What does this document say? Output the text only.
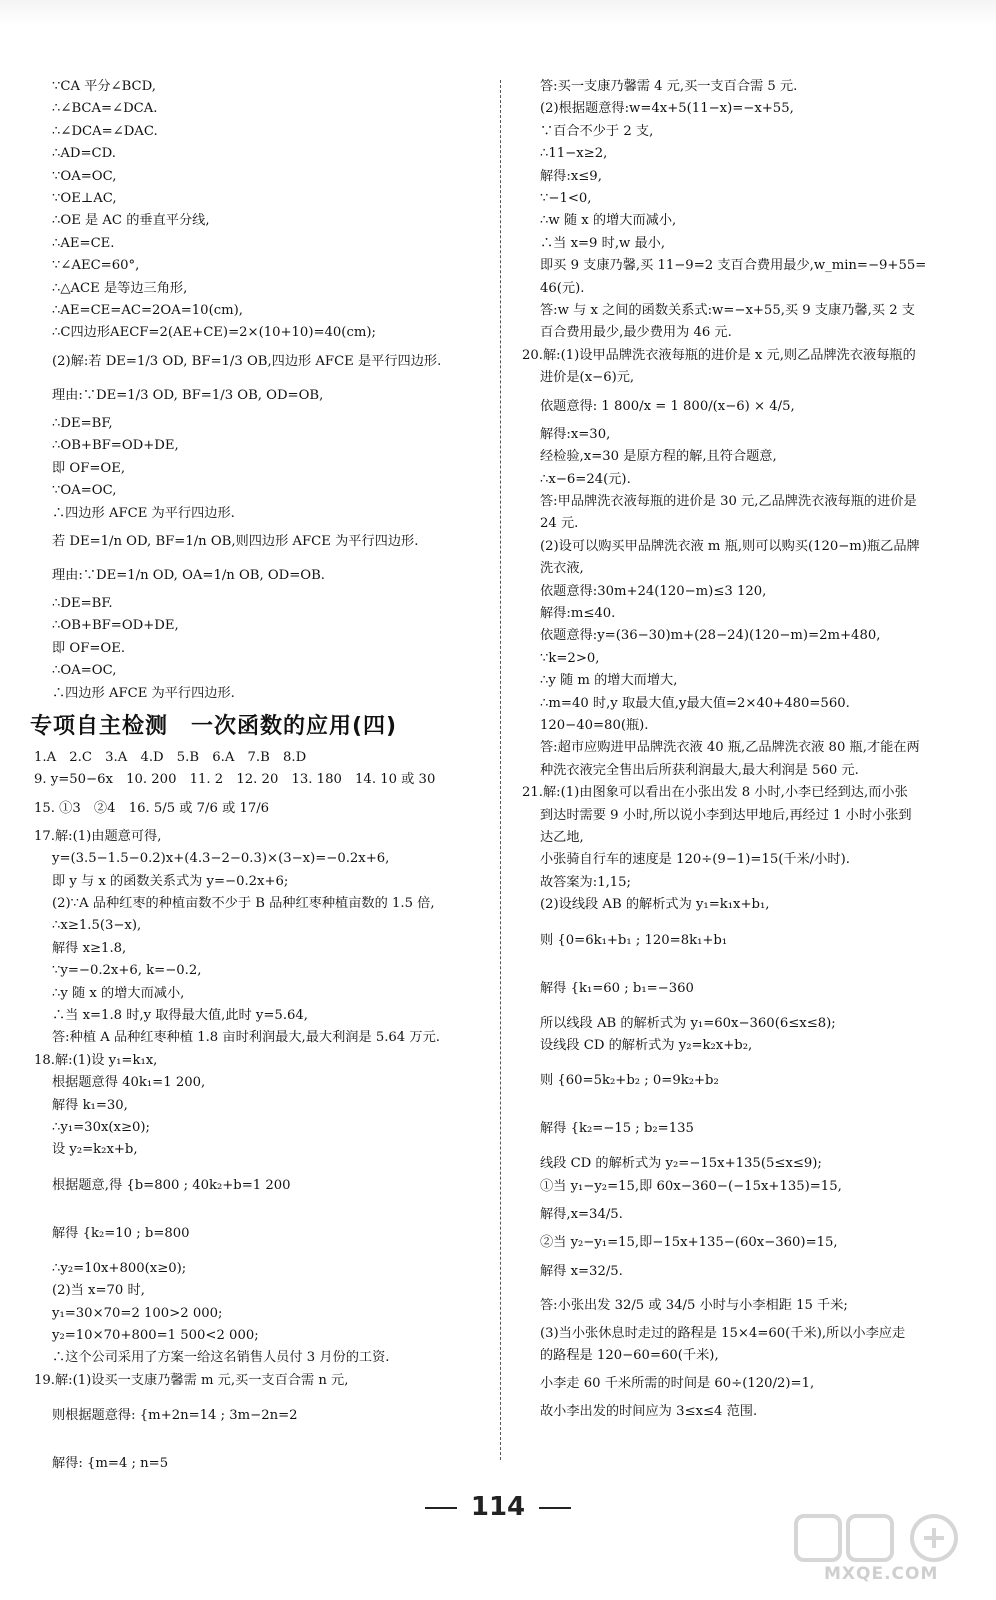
∵CA 平分∠BCD,
∴∠BCA=∠DCA.
∴∠DCA=∠DAC.
∴AD=CD.
∵OA=OC,
∵OE⊥AC,
∴OE 是 AC 的垂直平分线,
∴AE=CE.
∵∠AEC=60°,
∴△ACE 是等边三角形,
∴AE=CE=AC=2OA=10(cm),
∴C四边形AECF=2(AE+CE)=2×(10+10)=40(cm);
(2)解:若 DE=1/3 OD, BF=1/3 OB,四边形 AFCE 是平行四边形.
理由:∵DE=1/3 OD, BF=1/3 OB, OD=OB,
∴DE=BF,
∴OB+BF=OD+DE,
即 OF=OE,
∵OA=OC,
∴四边形 AFCE 为平行四边形.
若 DE=1/n OD, BF=1/n OB,则四边形 AFCE 为平行四边形.
理由:∵DE=1/n OD, OA=1/n OB, OD=OB.
∴DE=BF.
∴OB+BF=OD+DE,
即 OF=OE.
∴OA=OC,
∴四边形 AFCE 为平行四边形.
专项自主检测　一次函数的应用(四)
1.A　2.C　3.A　4.D　5.B　6.A　7.B　8.D
9. y=50−6x　10. 200　11. 2　12. 20　13. 180　14. 10 或 30
15. ①3　②4　16. 5/5 或 7/6 或 17/6
17.解:(1)由题意可得,
y=(3.5−1.5−0.2)x+(4.3−2−0.3)×(3−x)=−0.2x+6,
即 y 与 x 的函数关系式为 y=−0.2x+6;
(2)∵A 品种红枣的种植亩数不少于 B 品种红枣种植亩数的 1.5 倍,
∴x≥1.5(3−x),
解得 x≥1.8,
∵y=−0.2x+6, k=−0.2,
∴y 随 x 的增大而减小,
∴当 x=1.8 时,y 取得最大值,此时 y=5.64,
答:种植 A 品种红枣种植 1.8 亩时利润最大,最大利润是 5.64 万元.
18.解:(1)设 y₁=k₁x,
根据题意得 40k₁=1 200,
解得 k₁=30,
∴y₁=30x(x≥0);
设 y₂=k₂x+b,
根据题意,得 {b=800 ; 40k₂+b=1 200
解得 {k₂=10 ; b=800
∴y₂=10x+800(x≥0);
(2)当 x=70 时,
y₁=30×70=2 100>2 000;
y₂=10×70+800=1 500<2 000;
∴这个公司采用了方案一给这名销售人员付 3 月份的工资.
19.解:(1)设买一支康乃馨需 m 元,买一支百合需 n 元,
则根据题意得: {m+2n=14 ; 3m−2n=2
解得: {m=4 ; n=5
答:买一支康乃馨需 4 元,买一支百合需 5 元.
(2)根据题意得:w=4x+5(11−x)=−x+55,
∵百合不少于 2 支,
∴11−x≥2,
解得:x≤9,
∵−1<0,
∴w 随 x 的增大而减小,
∴当 x=9 时,w 最小,
即买 9 支康乃馨,买 11−9=2 支百合费用最少,w_min=−9+55=
46(元).
答:w 与 x 之间的函数关系式:w=−x+55,买 9 支康乃馨,买 2 支
百合费用最少,最少费用为 46 元.
20.解:(1)设甲品牌洗衣液每瓶的进价是 x 元,则乙品牌洗衣液每瓶的
进价是(x−6)元,
依题意得: 1 800/x = 1 800/(x−6) × 4/5,
解得:x=30,
经检验,x=30 是原方程的解,且符合题意,
∴x−6=24(元).
答:甲品牌洗衣液每瓶的进价是 30 元,乙品牌洗衣液每瓶的进价是
24 元.
(2)设可以购买甲品牌洗衣液 m 瓶,则可以购买(120−m)瓶乙品牌
洗衣液,
依题意得:30m+24(120−m)≤3 120,
解得:m≤40.
依题意得:y=(36−30)m+(28−24)(120−m)=2m+480,
∵k=2>0,
∴y 随 m 的增大而增大,
∴m=40 时,y 取最大值,y最大值=2×40+480=560.
120−40=80(瓶).
答:超市应购进甲品牌洗衣液 40 瓶,乙品牌洗衣液 80 瓶,才能在两
种洗衣液完全售出后所获利润最大,最大利润是 560 元.
21.解:(1)由图象可以看出在小张出发 8 小时,小李已经到达,而小张
到达时需要 9 小时,所以说小李到达甲地后,再经过 1 小时小张到
达乙地,
小张骑自行车的速度是 120÷(9−1)=15(千米/小时).
故答案为:1,15;
(2)设线段 AB 的解析式为 y₁=k₁x+b₁,
则 {0=6k₁+b₁ ; 120=8k₁+b₁
解得 {k₁=60 ; b₁=−360
所以线段 AB 的解析式为 y₁=60x−360(6≤x≤8);
设线段 CD 的解析式为 y₂=k₂x+b₂,
则 {60=5k₂+b₂ ; 0=9k₂+b₂
解得 {k₂=−15 ; b₂=135
线段 CD 的解析式为 y₂=−15x+135(5≤x≤9);
①当 y₁−y₂=15,即 60x−360−(−15x+135)=15,
解得,x=34/5.
②当 y₂−y₁=15,即−15x+135−(60x−360)=15,
解得 x=32/5.
答:小张出发 32/5 或 34/5 小时与小李相距 15 千米;
(3)当小张休息时走过的路程是 15×4=60(千米),所以小李应走
的路程是 120−60=60(千米),
小李走 60 千米所需的时间是 60÷(120/2)=1,
故小李出发的时间应为 3≤x≤4 范围.
114
MXQE.COM
